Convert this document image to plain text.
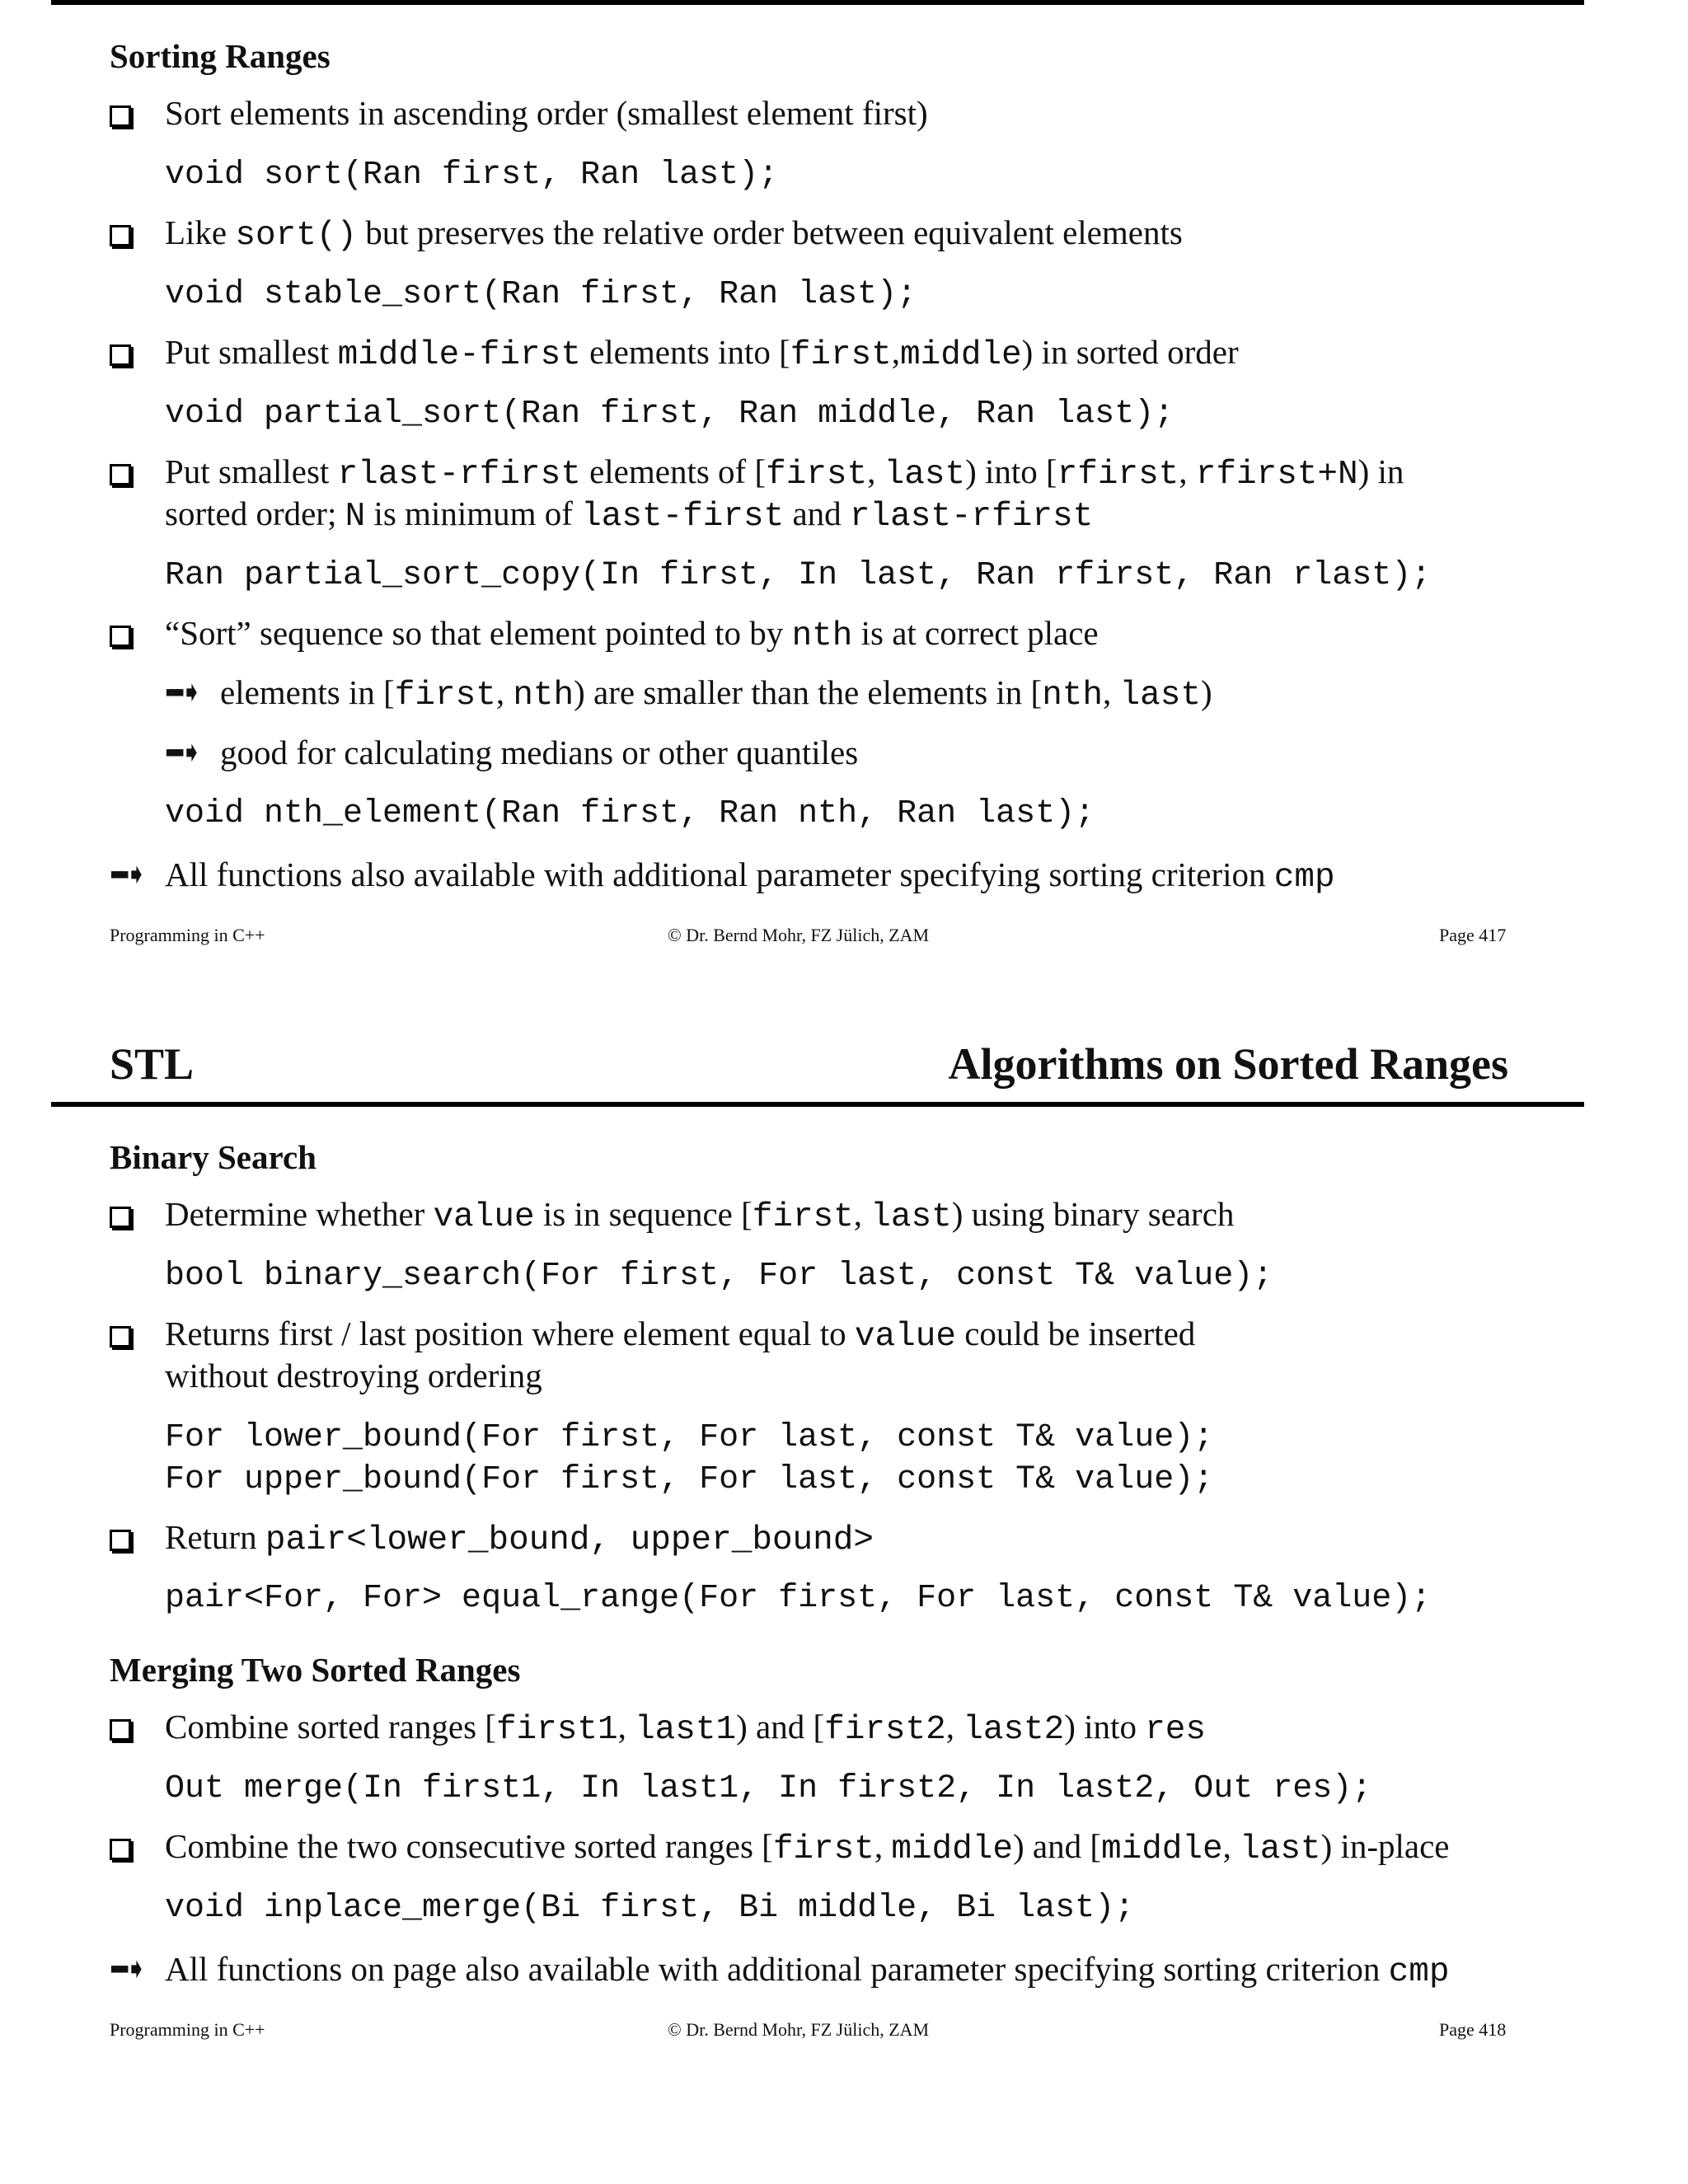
Sorting Ranges
Sort elements in ascending order (smallest element first)
void sort(Ran first, Ran last);
Like sort() but preserves the relative order between equivalent elements
void stable_sort(Ran first, Ran last);
Put smallest middle-first elements into [first,middle) in sorted order
void partial_sort(Ran first, Ran middle, Ran last);
Put smallest rlast-rfirst elements of [first, last) into [rfirst, rfirst+N) in
sorted order; N is minimum of last-first and rlast-rfirst
Ran partial_sort_copy(In first, In last, Ran rfirst, Ran rlast);
“Sort” sequence so that element pointed to by nth is at correct place
▪▪▪➧ elements in [first, nth) are smaller than the elements in [nth, last)
▪▪▪➧ good for calculating medians or other quantiles
void nth_element(Ran first, Ran nth, Ran last);
▪▪▪➧ All functions also available with additional parameter specifying sorting criterion cmp
Programming in C++	© Dr. Bernd Mohr, FZ Jülich, ZAM	Page 417
STL	Algorithms on Sorted Ranges
Binary Search
Determine whether value is in sequence [first, last) using binary search
bool binary_search(For first, For last, const T& value);
Returns first / last position where element equal to value could be inserted
without destroying ordering
For lower_bound(For first, For last, const T& value);
For upper_bound(For first, For last, const T& value);
Return pair<lower_bound, upper_bound>
pair<For, For> equal_range(For first, For last, const T& value);
Merging Two Sorted Ranges
Combine sorted ranges [first1, last1) and [first2, last2) into res
Out merge(In first1, In last1, In first2, In last2, Out res);
Combine the two consecutive sorted ranges [first, middle) and [middle, last) in-place
void inplace_merge(Bi first, Bi middle, Bi last);
▪▪▪➧ All functions on page also available with additional parameter specifying sorting criterion cmp
Programming in C++	© Dr. Bernd Mohr, FZ Jülich, ZAM	Page 418
